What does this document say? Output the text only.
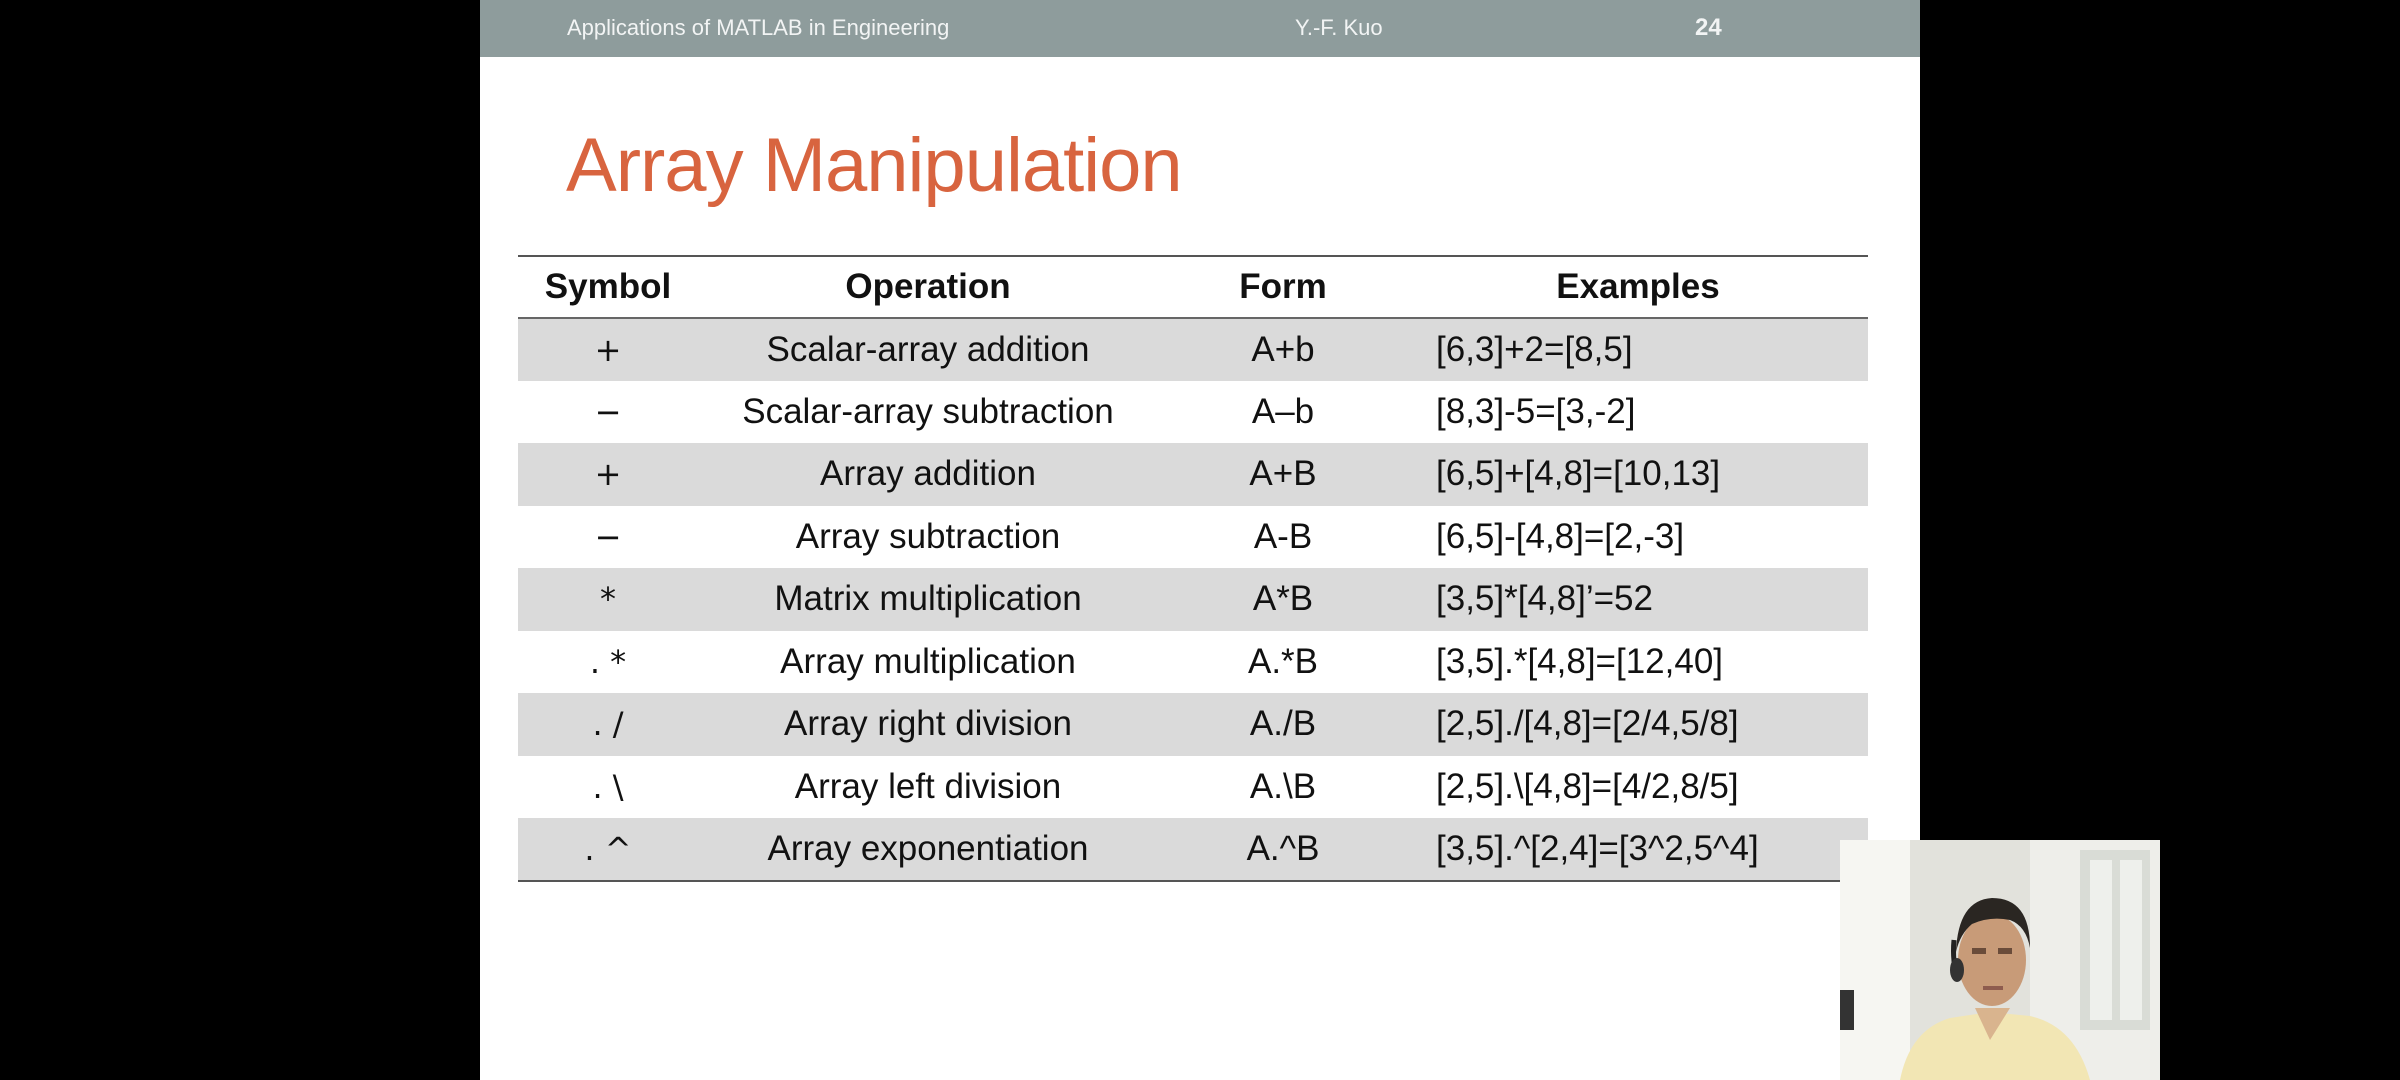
Applications of MATLAB in Engineering	Y.-F. Kuo	24
Array Manipulation
Symbol	Operation	Form	Examples
+	Scalar-array addition	A+b	[6,3]+2=[8,5]
−	Scalar-array subtraction	A–b	[8,3]-5=[3,-2]
+	Array addition	A+B	[6,5]+[4,8]=[10,13]
−	Array subtraction	A-B	[6,5]-[4,8]=[2,-3]
*	Matrix multiplication	A*B	[3,5]*[4,8]’=52
. *	Array multiplication	A.*B	[3,5].*[4,8]=[12,40]
. /	Array right division	A./B	[2,5]./[4,8]=[2/4,5/8]
. \	Array left division	A.\B	[2,5].\[4,8]=[4/2,8/5]
. ^	Array exponentiation	A.^B	[3,5].^[2,4]=[3^2,5^4]
